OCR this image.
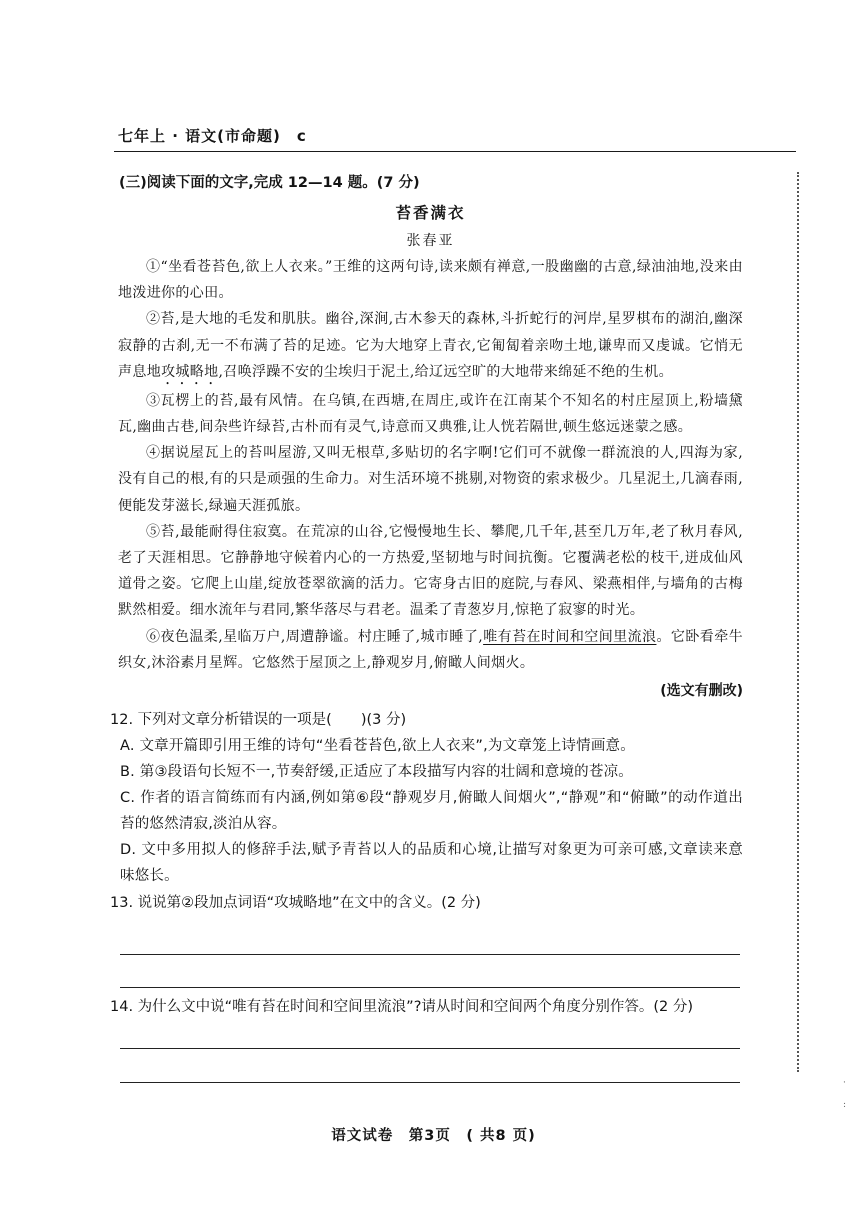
七年上 · 语文(市命题)　c
·
:
(三)阅读下面的文字,完成 12—14 题。(7 分)
苔香满衣
张春亚

①“坐看苍苔色,欲上人衣来。”王维的这两句诗,读来颇有禅意,一股幽幽的古意,绿油油地,没来由地泼进你的心田。

②苔,是大地的毛发和肌肤。幽谷,深涧,古木参天的森林,斗折蛇行的河岸,星罗棋布的湖泊,幽深寂静的古刹,无一不布满了苔的足迹。它为大地穿上青衣,它匍匐着亲吻土地,谦卑而又虔诚。它悄无声息地攻城略地,召唤浮躁不安的尘埃归于泥土,给辽远空旷的大地带来绵延不绝的生机。

③瓦楞上的苔,最有风情。在乌镇,在西塘,在周庄,或许在江南某个不知名的村庄屋顶上,粉墙黛瓦,幽曲古巷,间杂些许绿苔,古朴而有灵气,诗意而又典雅,让人恍若隔世,顿生悠远迷蒙之感。

④据说屋瓦上的苔叫屋游,又叫无根草,多贴切的名字啊!它们可不就像一群流浪的人,四海为家,没有自己的根,有的只是顽强的生命力。对生活环境不挑剔,对物资的索求极少。几星泥土,几滴春雨,便能发芽滋长,绿遍天涯孤旅。

⑤苔,最能耐得住寂寞。在荒凉的山谷,它慢慢地生长、攀爬,几千年,甚至几万年,老了秋月春风,老了天涯相思。它静静地守候着内心的一方热爱,坚韧地与时间抗衡。它覆满老松的枝干,迸成仙风道骨之姿。它爬上山崖,绽放苍翠欲滴的活力。它寄身古旧的庭院,与春风、梁燕相伴,与墙角的古梅默然相爱。细水流年与君同,繁华落尽与君老。温柔了青葱岁月,惊艳了寂寥的时光。

⑥夜色温柔,星临万户,周遭静谧。村庄睡了,城市睡了,唯有苔在时间和空间里流浪。它卧看牵牛织女,沐浴素月星辉。它悠然于屋顶之上,静观岁月,俯瞰人间烟火。

(选文有删改)
12. 下列对文章分析错误的一项是(　　)(3 分)
A. 文章开篇即引用王维的诗句“坐看苍苔色,欲上人衣来”,为文章笼上诗情画意。
B. 第③段语句长短不一,节奏舒缓,正适应了本段描写内容的壮阔和意境的苍凉。
C. 作者的语言简练而有内涵,例如第⑥段“静观岁月,俯瞰人间烟火”,“静观”和“俯瞰”的动作道出苔的悠然清寂,淡泊从容。
D. 文中多用拟人的修辞手法,赋予青苔以人的品质和心境,让描写对象更为可亲可感,文章读来意味悠长。
13. 说说第②段加点词语“攻城略地”在文中的含义。(2 分)
14. 为什么文中说“唯有苔在时间和空间里流浪”?请从时间和空间两个角度分别作答。(2 分)
语文试卷　第3页　( 共8 页)
